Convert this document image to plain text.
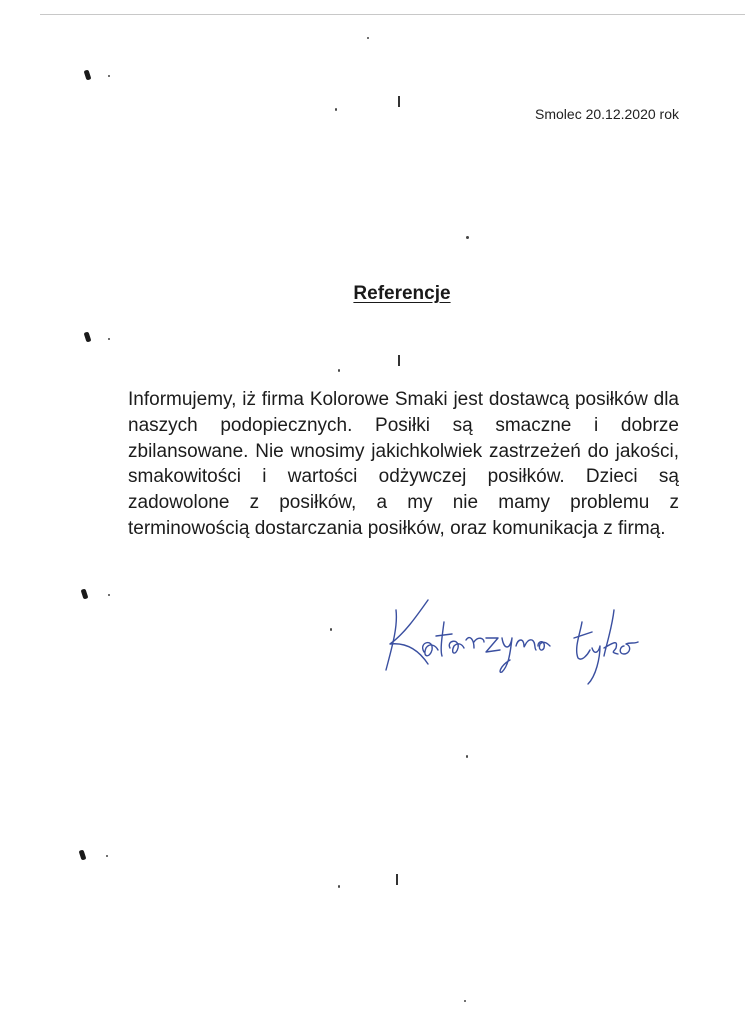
Smolec 20.12.2020 rok
Referencje
Informujemy, iż firma Kolorowe Smaki jest dostawcą posiłków dla naszych podopiecznych. Posiłki są smaczne i dobrze zbilansowane. Nie wnosimy jakichkolwiek zastrzeżeń do jakości, smakowitości i wartości odżywczej posiłków. Dzieci są zadowolone z posiłków, a my nie mamy problemu z terminowością dostarczania posiłków, oraz komunikacja z firmą.
